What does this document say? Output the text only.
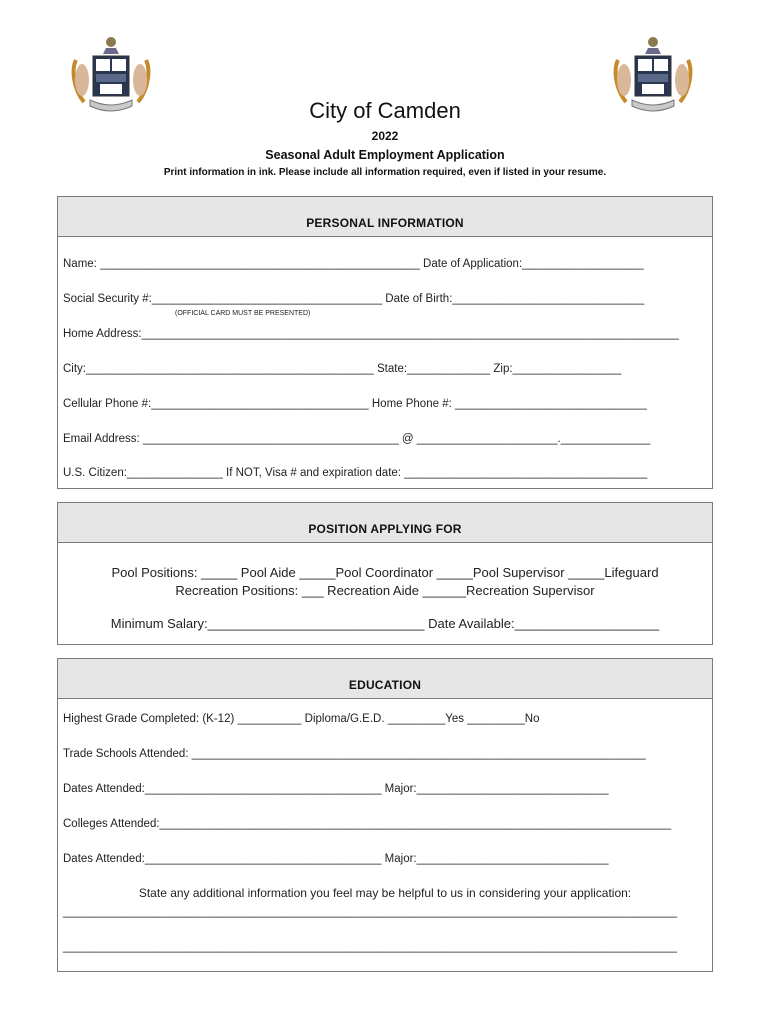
City of Camden
2022
Seasonal Adult Employment Application
Print information in ink. Please include all information required, even if listed in your resume.
PERSONAL INFORMATION
Name: __________________________________________________ Date of Application:___________________
Social Security #:____________________________________ Date of Birth:______________________________
(OFFICIAL CARD MUST BE PRESENTED)
Home Address:____________________________________________________________________________________
City:_____________________________________________ State:_____________ Zip:_________________
Cellular Phone #:__________________________________ Home Phone #: ______________________________
Email Address: ________________________________________ @ ______________________.______________
U.S. Citizen:_______________ If NOT, Visa # and expiration date: ______________________________________
POSITION APPLYING FOR
Pool Positions: _____ Pool Aide _____Pool Coordinator _____Pool Supervisor _____Lifeguard
Recreation Positions: ___ Recreation Aide ______Recreation Supervisor
Minimum Salary:______________________________ Date Available:____________________
EDUCATION
Highest Grade Completed: (K-12) __________ Diploma/G.E.D. _________Yes _________No
Trade Schools Attended: _______________________________________________________________________
Dates Attended:_____________________________________ Major:______________________________
Colleges Attended:________________________________________________________________________________
Dates Attended:_____________________________________ Major:______________________________
State any additional information you feel may be helpful to us in considering your application:
________________________________________________________________________________________________
________________________________________________________________________________________________
